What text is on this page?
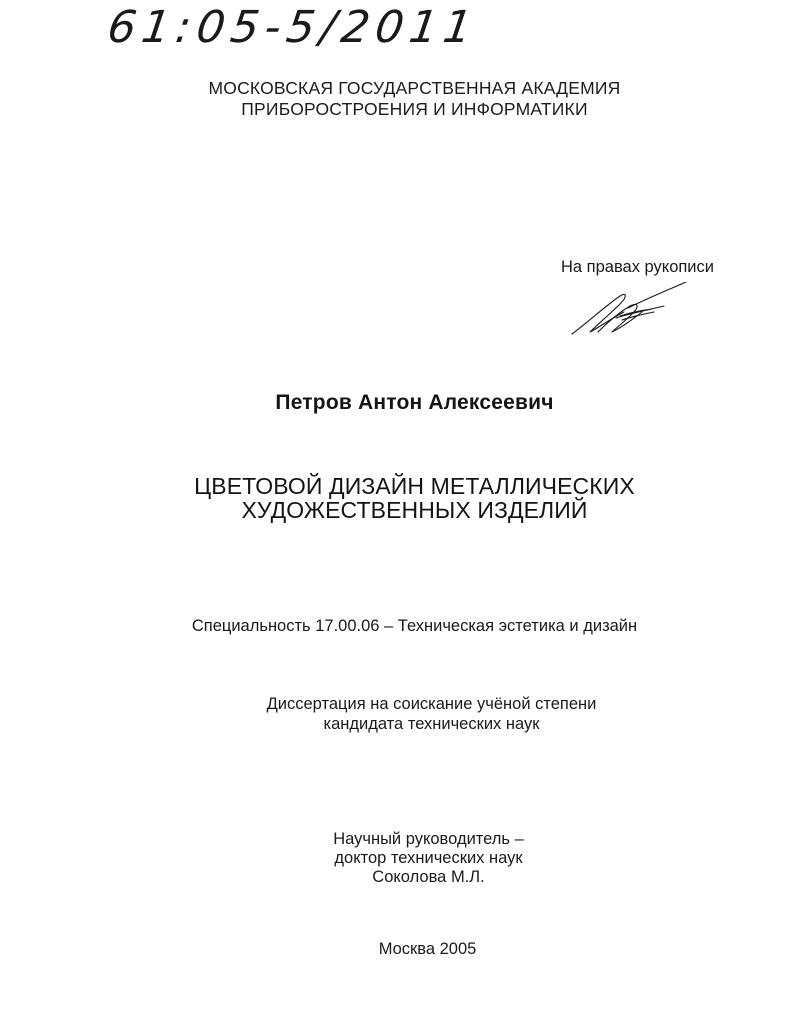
61:05-5/2011
МОСКОВСКАЯ ГОСУДАРСТВЕННАЯ АКАДЕМИЯ
ПРИБОРОСТРОЕНИЯ И ИНФОРМАТИКИ
На правах рукописи
Петров Антон Алексеевич
ЦВЕТОВОЙ ДИЗАЙН МЕТАЛЛИЧЕСКИХ
ХУДОЖЕСТВЕННЫХ ИЗДЕЛИЙ
Специальность 17.00.06 – Техническая эстетика и дизайн
Диссертация на соискание учёной степени
кандидата технических наук
Научный руководитель –
доктор технических наук
Соколова М.Л.
Москва 2005
